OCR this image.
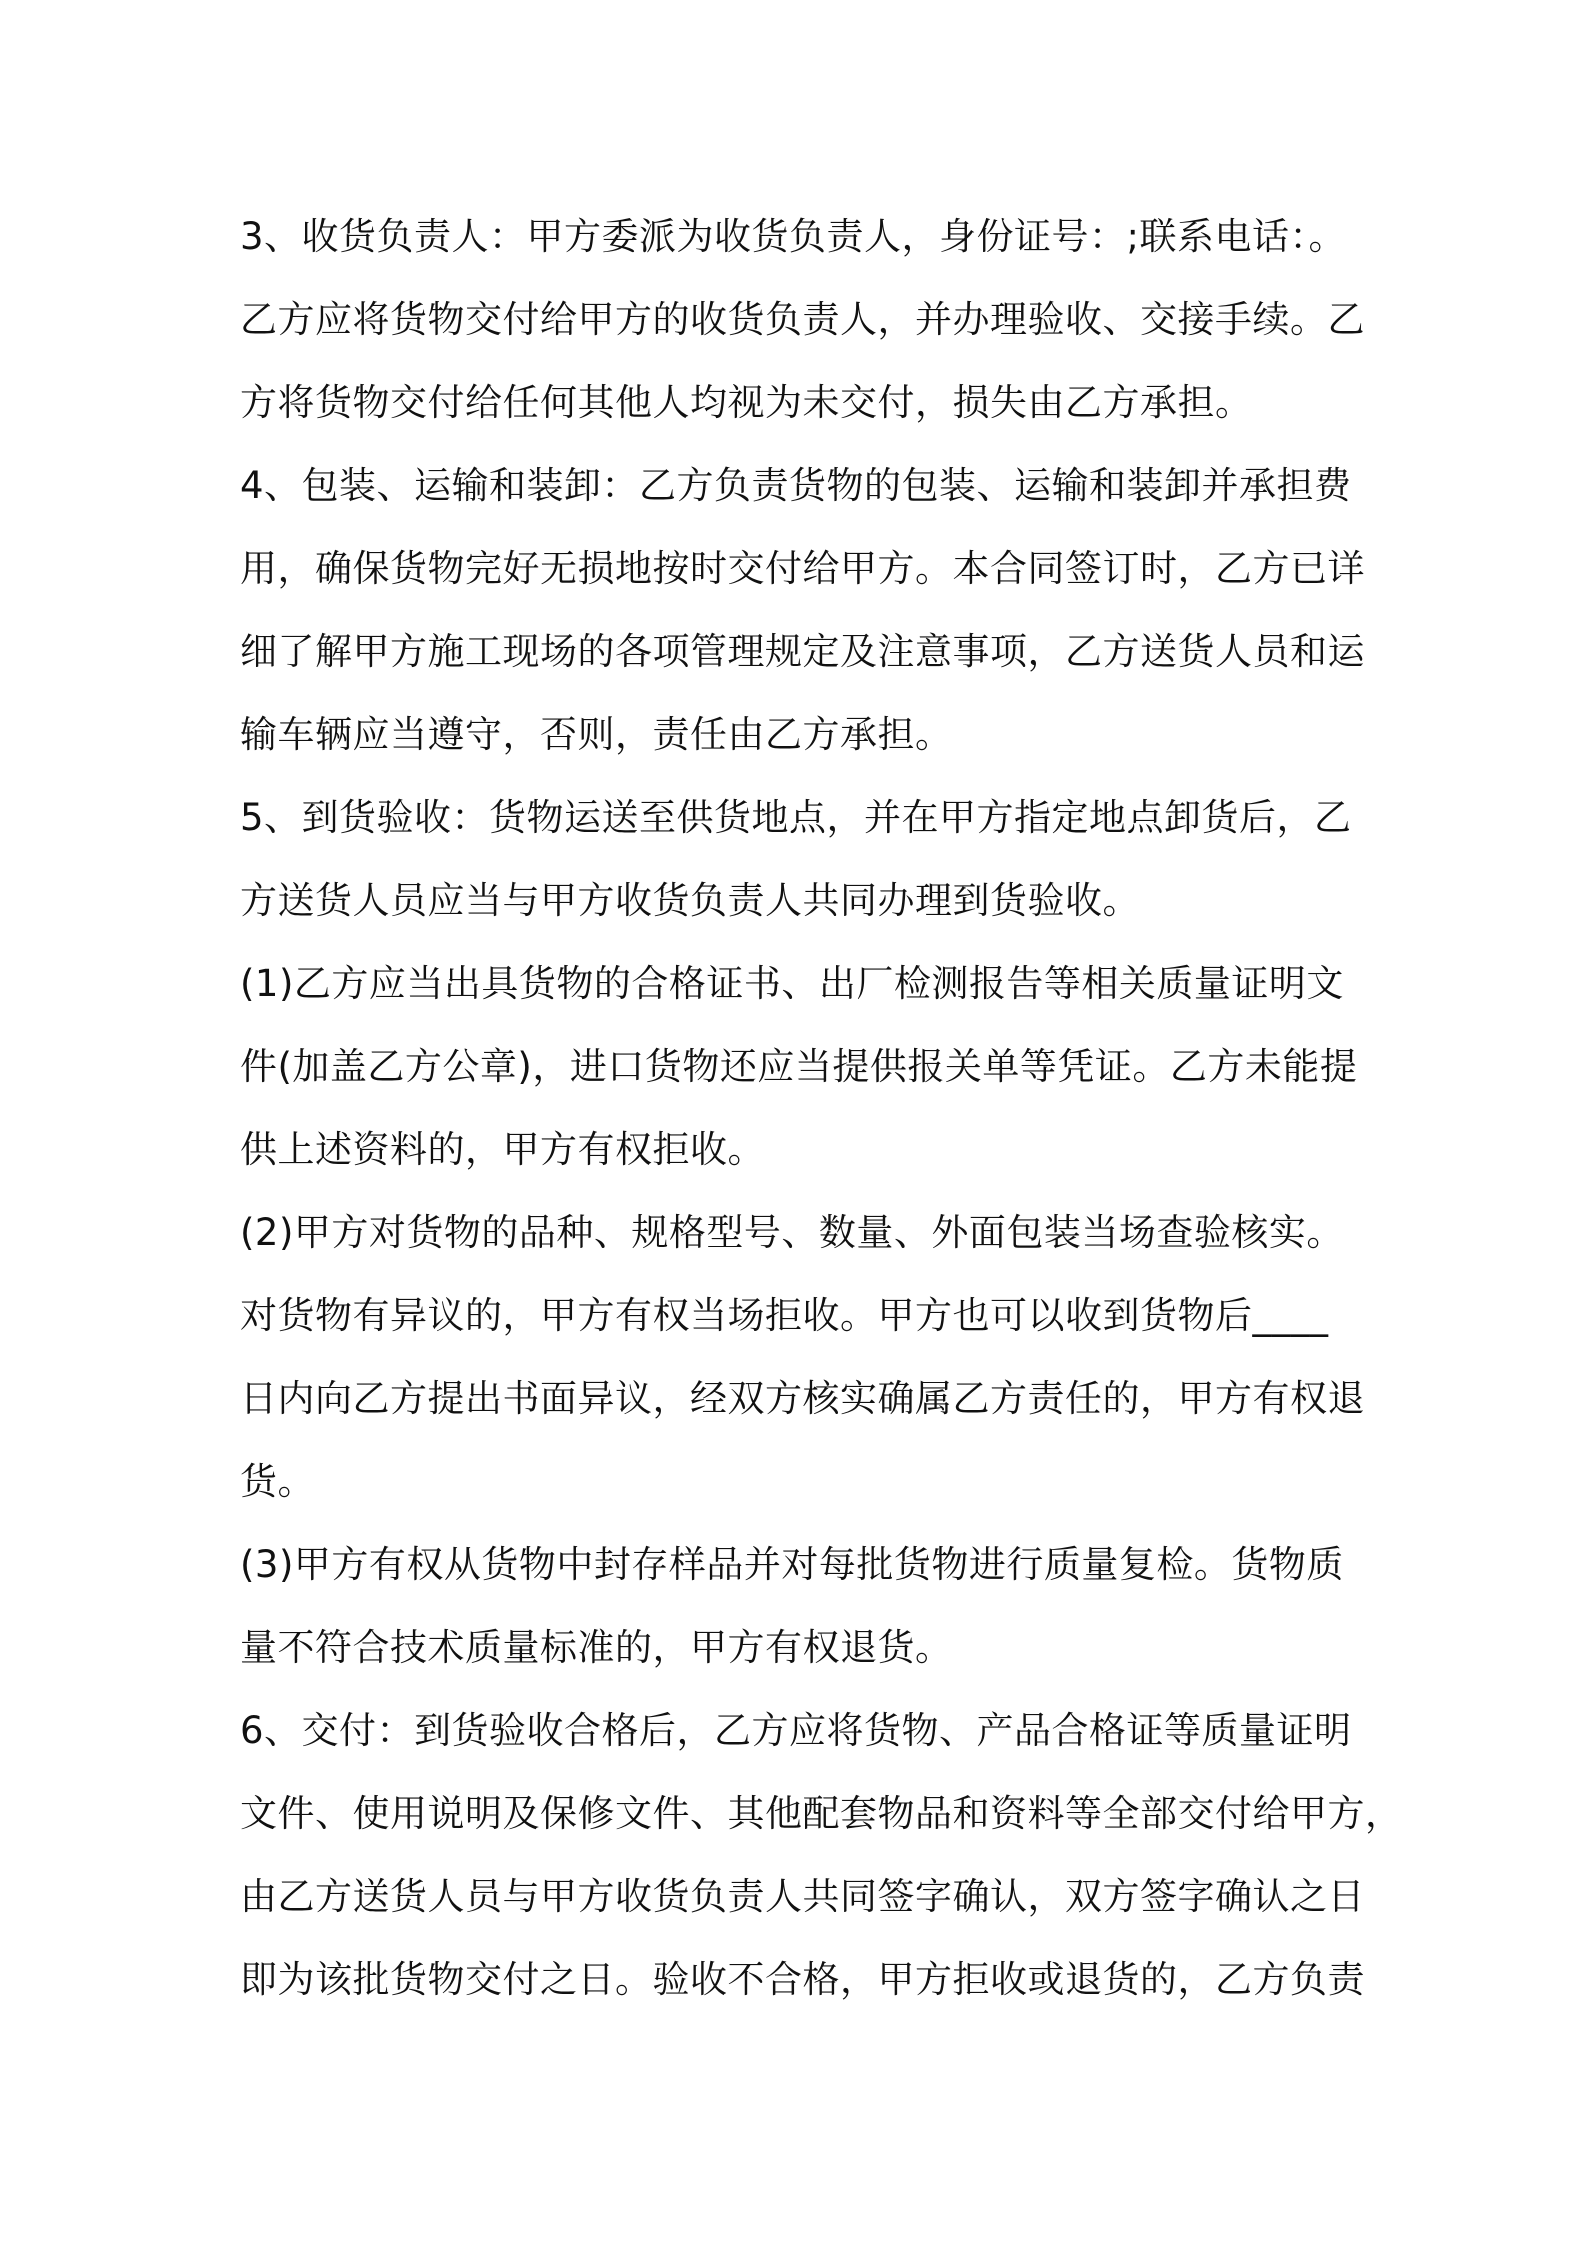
3、收货负责人：甲方委派为收货负责人，身份证号：;联系电话：。
乙方应将货物交付给甲方的收货负责人，并办理验收、交接手续。乙
方将货物交付给任何其他人均视为未交付，损失由乙方承担。
4、包装、运输和装卸：乙方负责货物的包装、运输和装卸并承担费
用，确保货物完好无损地按时交付给甲方。本合同签订时，乙方已详
细了解甲方施工现场的各项管理规定及注意事项，乙方送货人员和运
输车辆应当遵守，否则，责任由乙方承担。
5、到货验收：货物运送至供货地点，并在甲方指定地点卸货后，乙
方送货人员应当与甲方收货负责人共同办理到货验收。
(1)乙方应当出具货物的合格证书、出厂检测报告等相关质量证明文
件(加盖乙方公章)，进口货物还应当提供报关单等凭证。乙方未能提
供上述资料的，甲方有权拒收。
(2)甲方对货物的品种、规格型号、数量、外面包装当场查验核实。
对货物有异议的，甲方有权当场拒收。甲方也可以收到货物后____
日内向乙方提出书面异议，经双方核实确属乙方责任的，甲方有权退
货。
(3)甲方有权从货物中封存样品并对每批货物进行质量复检。货物质
量不符合技术质量标准的，甲方有权退货。
6、交付：到货验收合格后，乙方应将货物、产品合格证等质量证明
文件、使用说明及保修文件、其他配套物品和资料等全部交付给甲方，
由乙方送货人员与甲方收货负责人共同签字确认，双方签字确认之日
即为该批货物交付之日。验收不合格，甲方拒收或退货的，乙方负责
